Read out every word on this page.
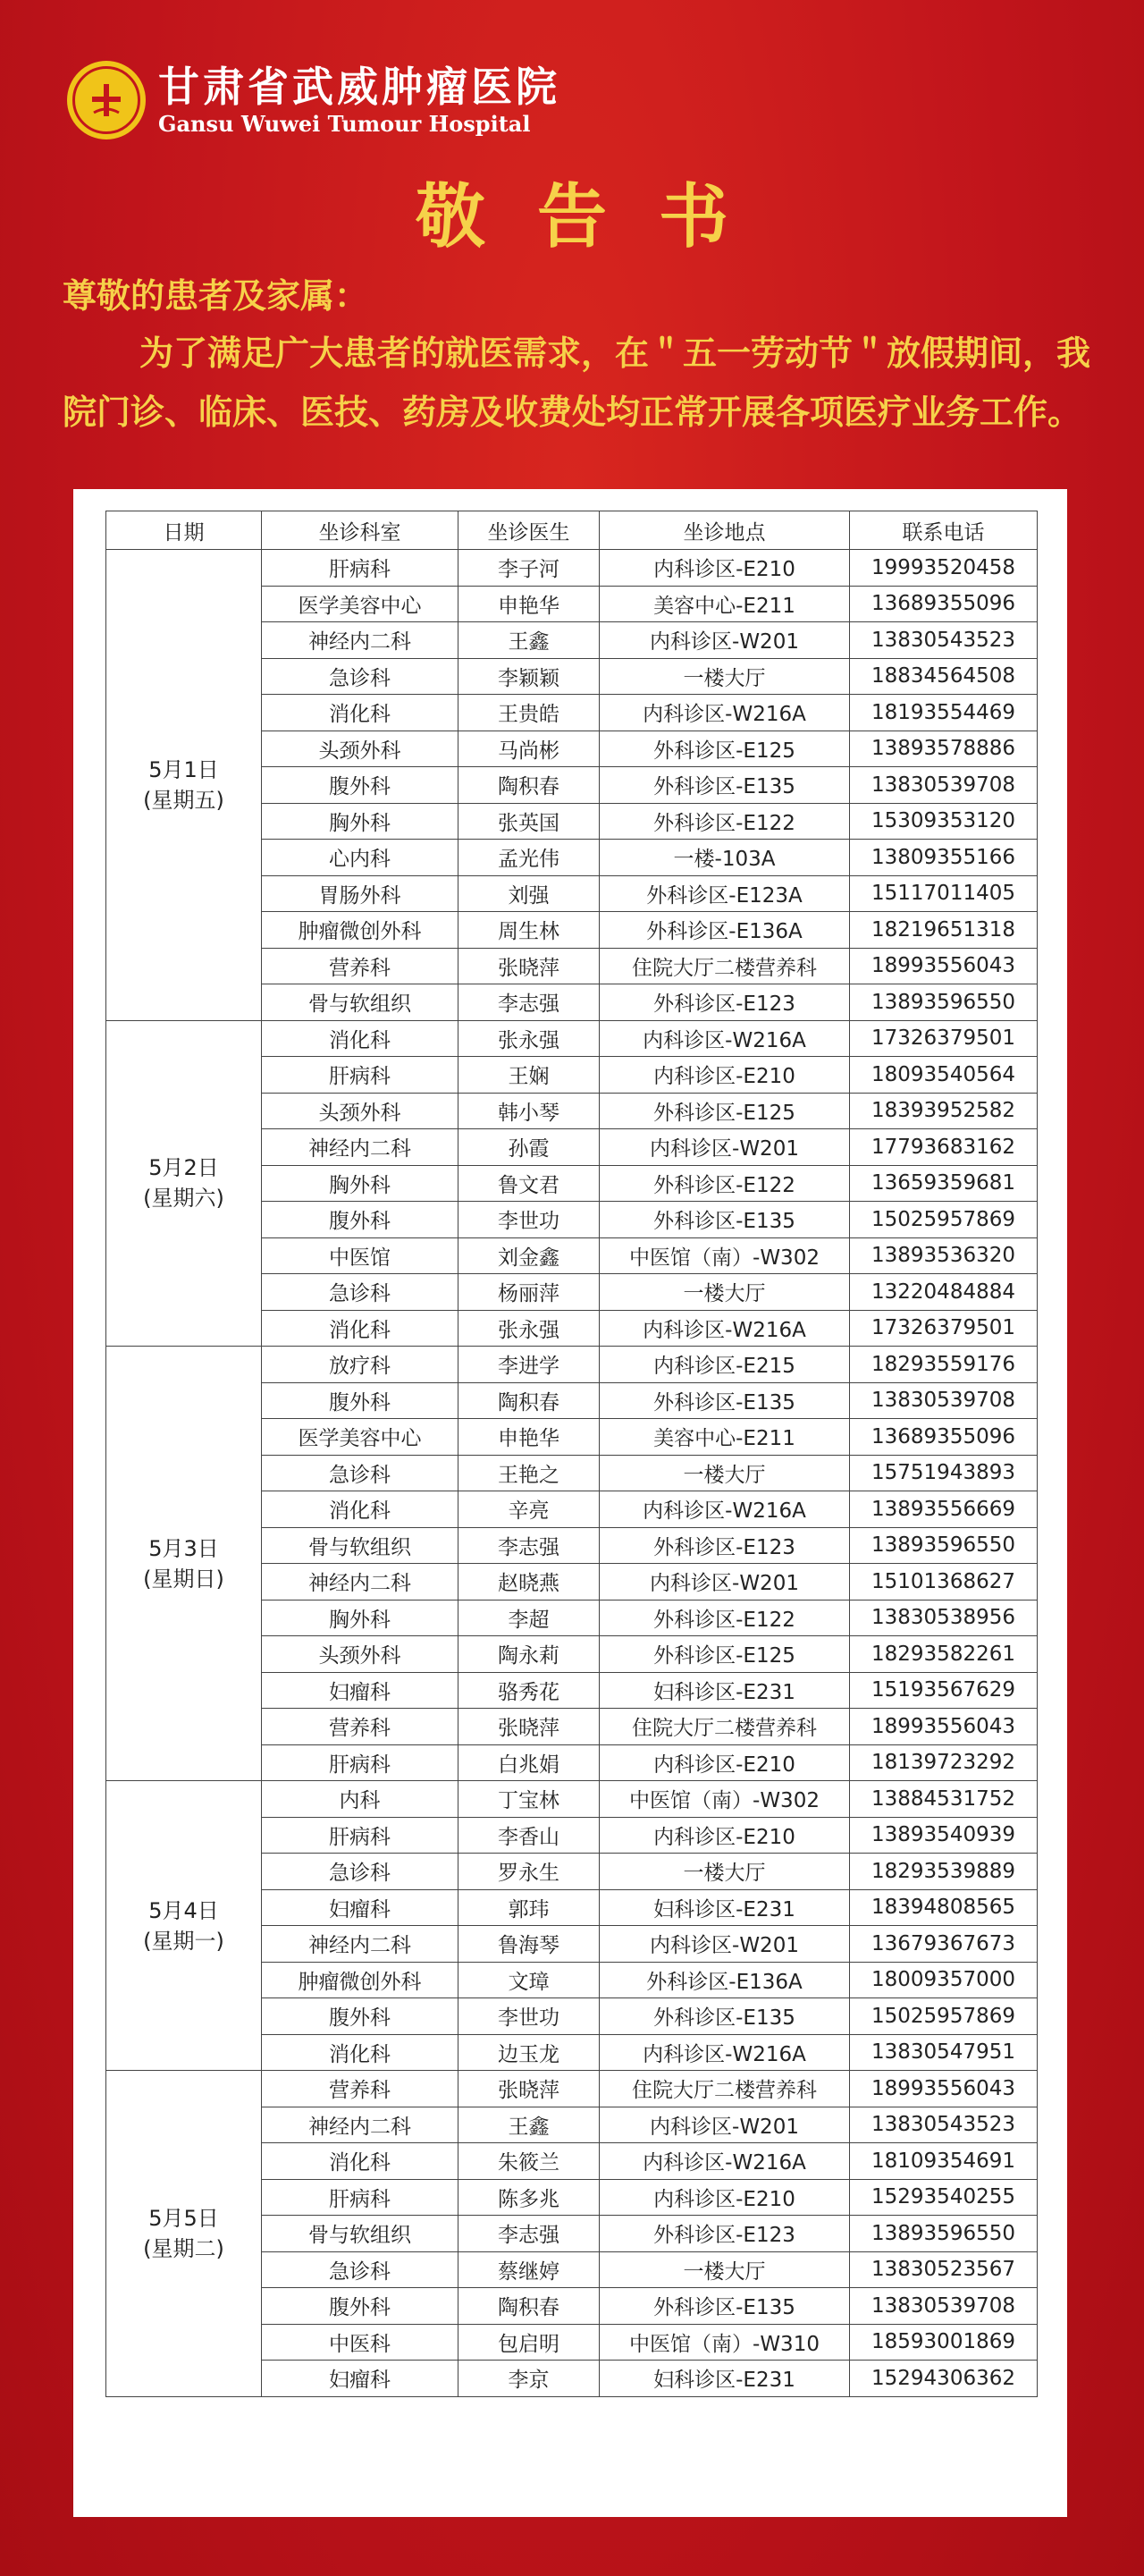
甘肃省武威肿瘤医院
Gansu Wuwei Tumour Hospital
敬告书
尊敬的患者及家属：
为了满足广大患者的就医需求，在＂五一劳动节＂放假期间，我院门诊、临床、医技、药房及收费处均正常开展各项医疗业务工作。
日期	坐诊科室	坐诊医生	坐诊地点	联系电话

5月1日
(星期五)	肝病科	李子河	内科诊区-E210	19993520458
	医学美容中心	申艳华	美容中心-E211	13689355096
	神经内二科	王鑫	内科诊区-W201	13830543523
	急诊科	李颖颖	一楼大厅	18834564508
	消化科	王贵皓	内科诊区-W216A	18193554469
	头颈外科	马尚彬	外科诊区-E125	13893578886
	腹外科	陶积春	外科诊区-E135	13830539708
	胸外科	张英国	外科诊区-E122	15309353120
	心内科	孟光伟	一楼-103A	13809355166
	胃肠外科	刘强	外科诊区-E123A	15117011405
	肿瘤微创外科	周生林	外科诊区-E136A	18219651318
	营养科	张晓萍	住院大厅二楼营养科	18993556043
	骨与软组织	李志强	外科诊区-E123	13893596550

5月2日
(星期六)	消化科	张永强	内科诊区-W216A	17326379501
	肝病科	王娴	内科诊区-E210	18093540564
	头颈外科	韩小琴	外科诊区-E125	18393952582
	神经内二科	孙霞	内科诊区-W201	17793683162
	胸外科	鲁文君	外科诊区-E122	13659359681
	腹外科	李世功	外科诊区-E135	15025957869
	中医馆	刘金鑫	中医馆（南）-W302	13893536320
	急诊科	杨丽萍	一楼大厅	13220484884
	消化科	张永强	内科诊区-W216A	17326379501

5月3日
(星期日)	放疗科	李进学	内科诊区-E215	18293559176
	腹外科	陶积春	外科诊区-E135	13830539708
	医学美容中心	申艳华	美容中心-E211	13689355096
	急诊科	王艳之	一楼大厅	15751943893
	消化科	辛亮	内科诊区-W216A	13893556669
	骨与软组织	李志强	外科诊区-E123	13893596550
	神经内二科	赵晓燕	内科诊区-W201	15101368627
	胸外科	李超	外科诊区-E122	13830538956
	头颈外科	陶永莉	外科诊区-E125	18293582261
	妇瘤科	骆秀花	妇科诊区-E231	15193567629
	营养科	张晓萍	住院大厅二楼营养科	18993556043
	肝病科	白兆娟	内科诊区-E210	18139723292

5月4日
(星期一)	内科	丁宝林	中医馆（南）-W302	13884531752
	肝病科	李香山	内科诊区-E210	13893540939
	急诊科	罗永生	一楼大厅	18293539889
	妇瘤科	郭玮	妇科诊区-E231	18394808565
	神经内二科	鲁海琴	内科诊区-W201	13679367673
	肿瘤微创外科	文璋	外科诊区-E136A	18009357000
	腹外科	李世功	外科诊区-E135	15025957869
	消化科	边玉龙	内科诊区-W216A	13830547951

5月5日
(星期二)	营养科	张晓萍	住院大厅二楼营养科	18993556043
	神经内二科	王鑫	内科诊区-W201	13830543523
	消化科	朱筱兰	内科诊区-W216A	18109354691
	肝病科	陈多兆	内科诊区-E210	15293540255
	骨与软组织	李志强	外科诊区-E123	13893596550
	急诊科	蔡继婷	一楼大厅	13830523567
	腹外科	陶积春	外科诊区-E135	13830539708
	中医科	包启明	中医馆（南）-W310	18593001869
	妇瘤科	李京	妇科诊区-E231	15294306362
